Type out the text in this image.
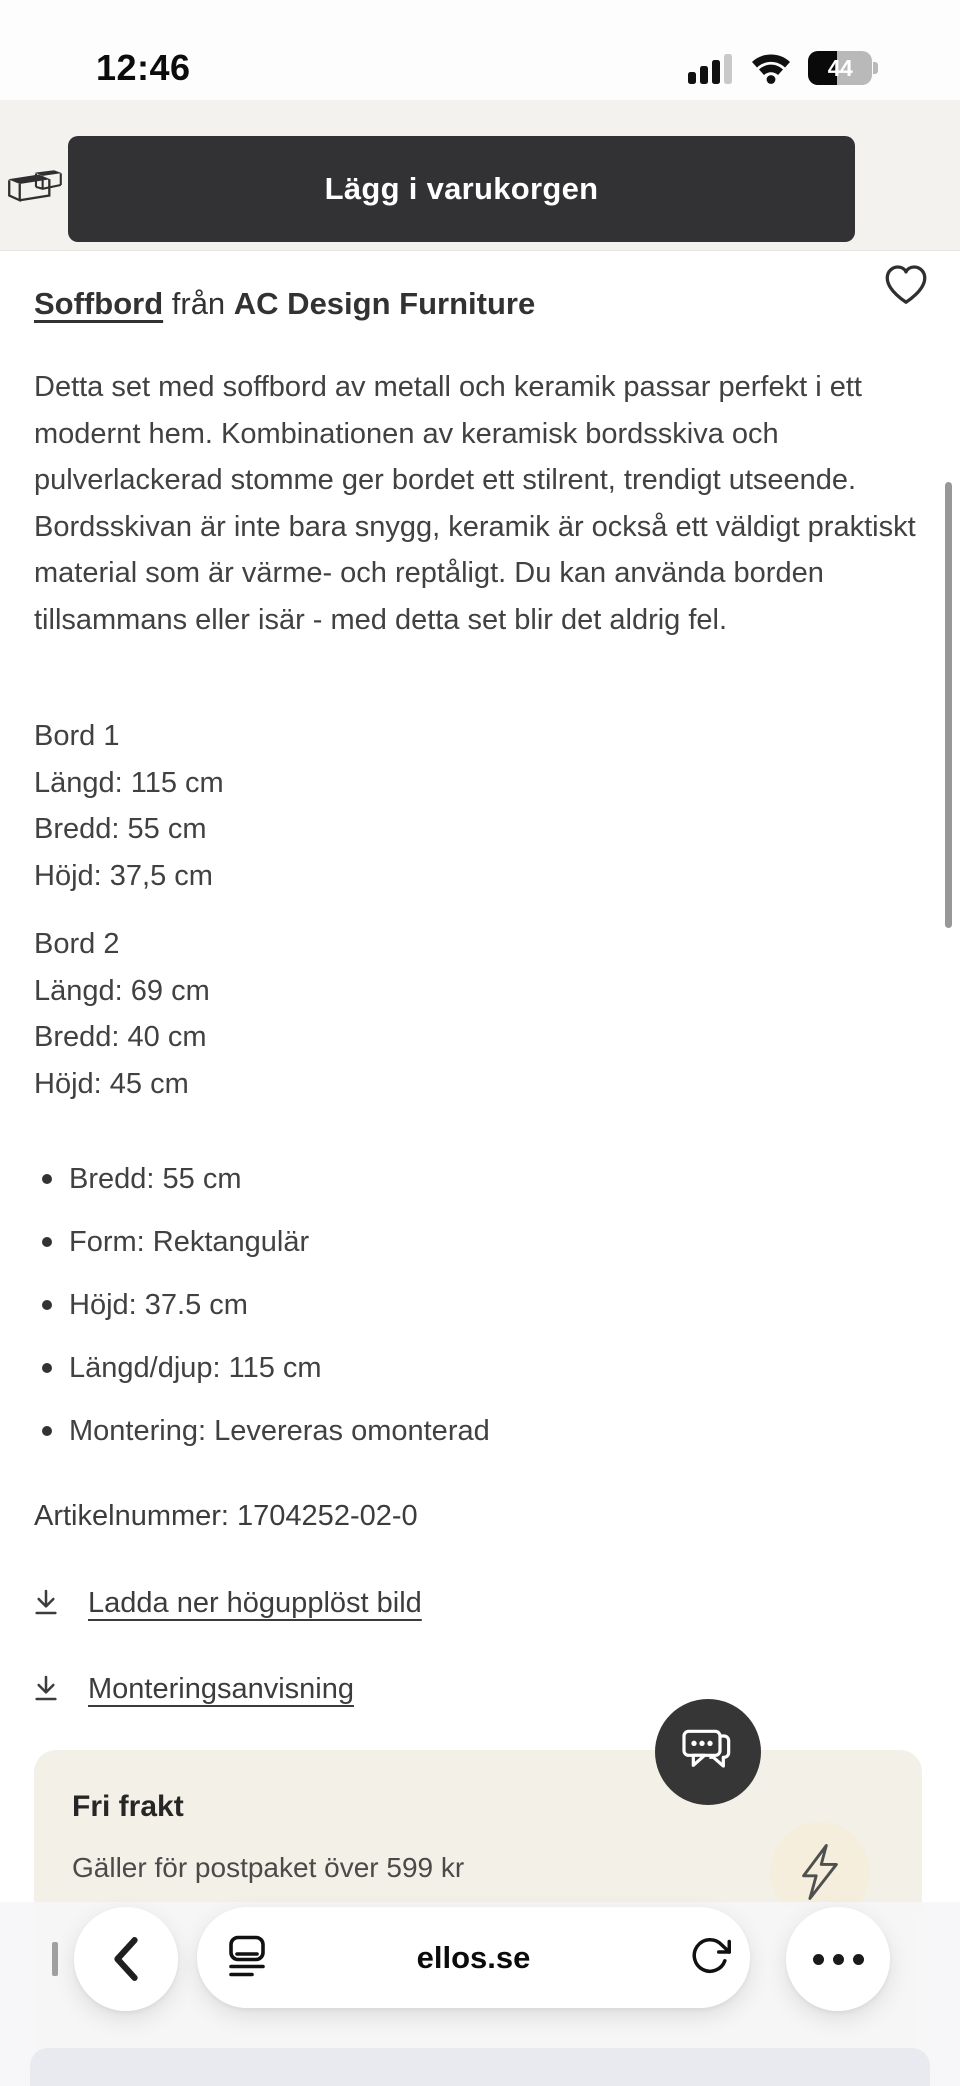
12:46	44
Lägg i varukorgen
Soffbord från AC Design Furniture
Detta set med soffbord av metall och keramik passar perfekt i ett modernt hem. Kombinationen av keramisk bordsskiva och pulverlackerad stomme ger bordet ett stilrent, trendigt utseende. Bordsskivan är inte bara snygg, keramik är också ett väldigt praktiskt material som är värme- och reptåligt. Du kan använda borden tillsammans eller isär - med detta set blir det aldrig fel.
Bord 1
Längd: 115 cm
Bredd: 55 cm
Höjd: 37,5 cm
Bord 2
Längd: 69 cm
Bredd: 40 cm
Höjd: 45 cm
Bredd: 55 cm
Form: Rektangulär
Höjd: 37.5 cm
Längd/djup: 115 cm
Montering: Levereras omonterad
Artikelnummer: 1704252-02-0
Ladda ner högupplöst bild
Monteringsanvisning
Fri frakt
Gäller för postpaket över 599 kr
ellos.se
